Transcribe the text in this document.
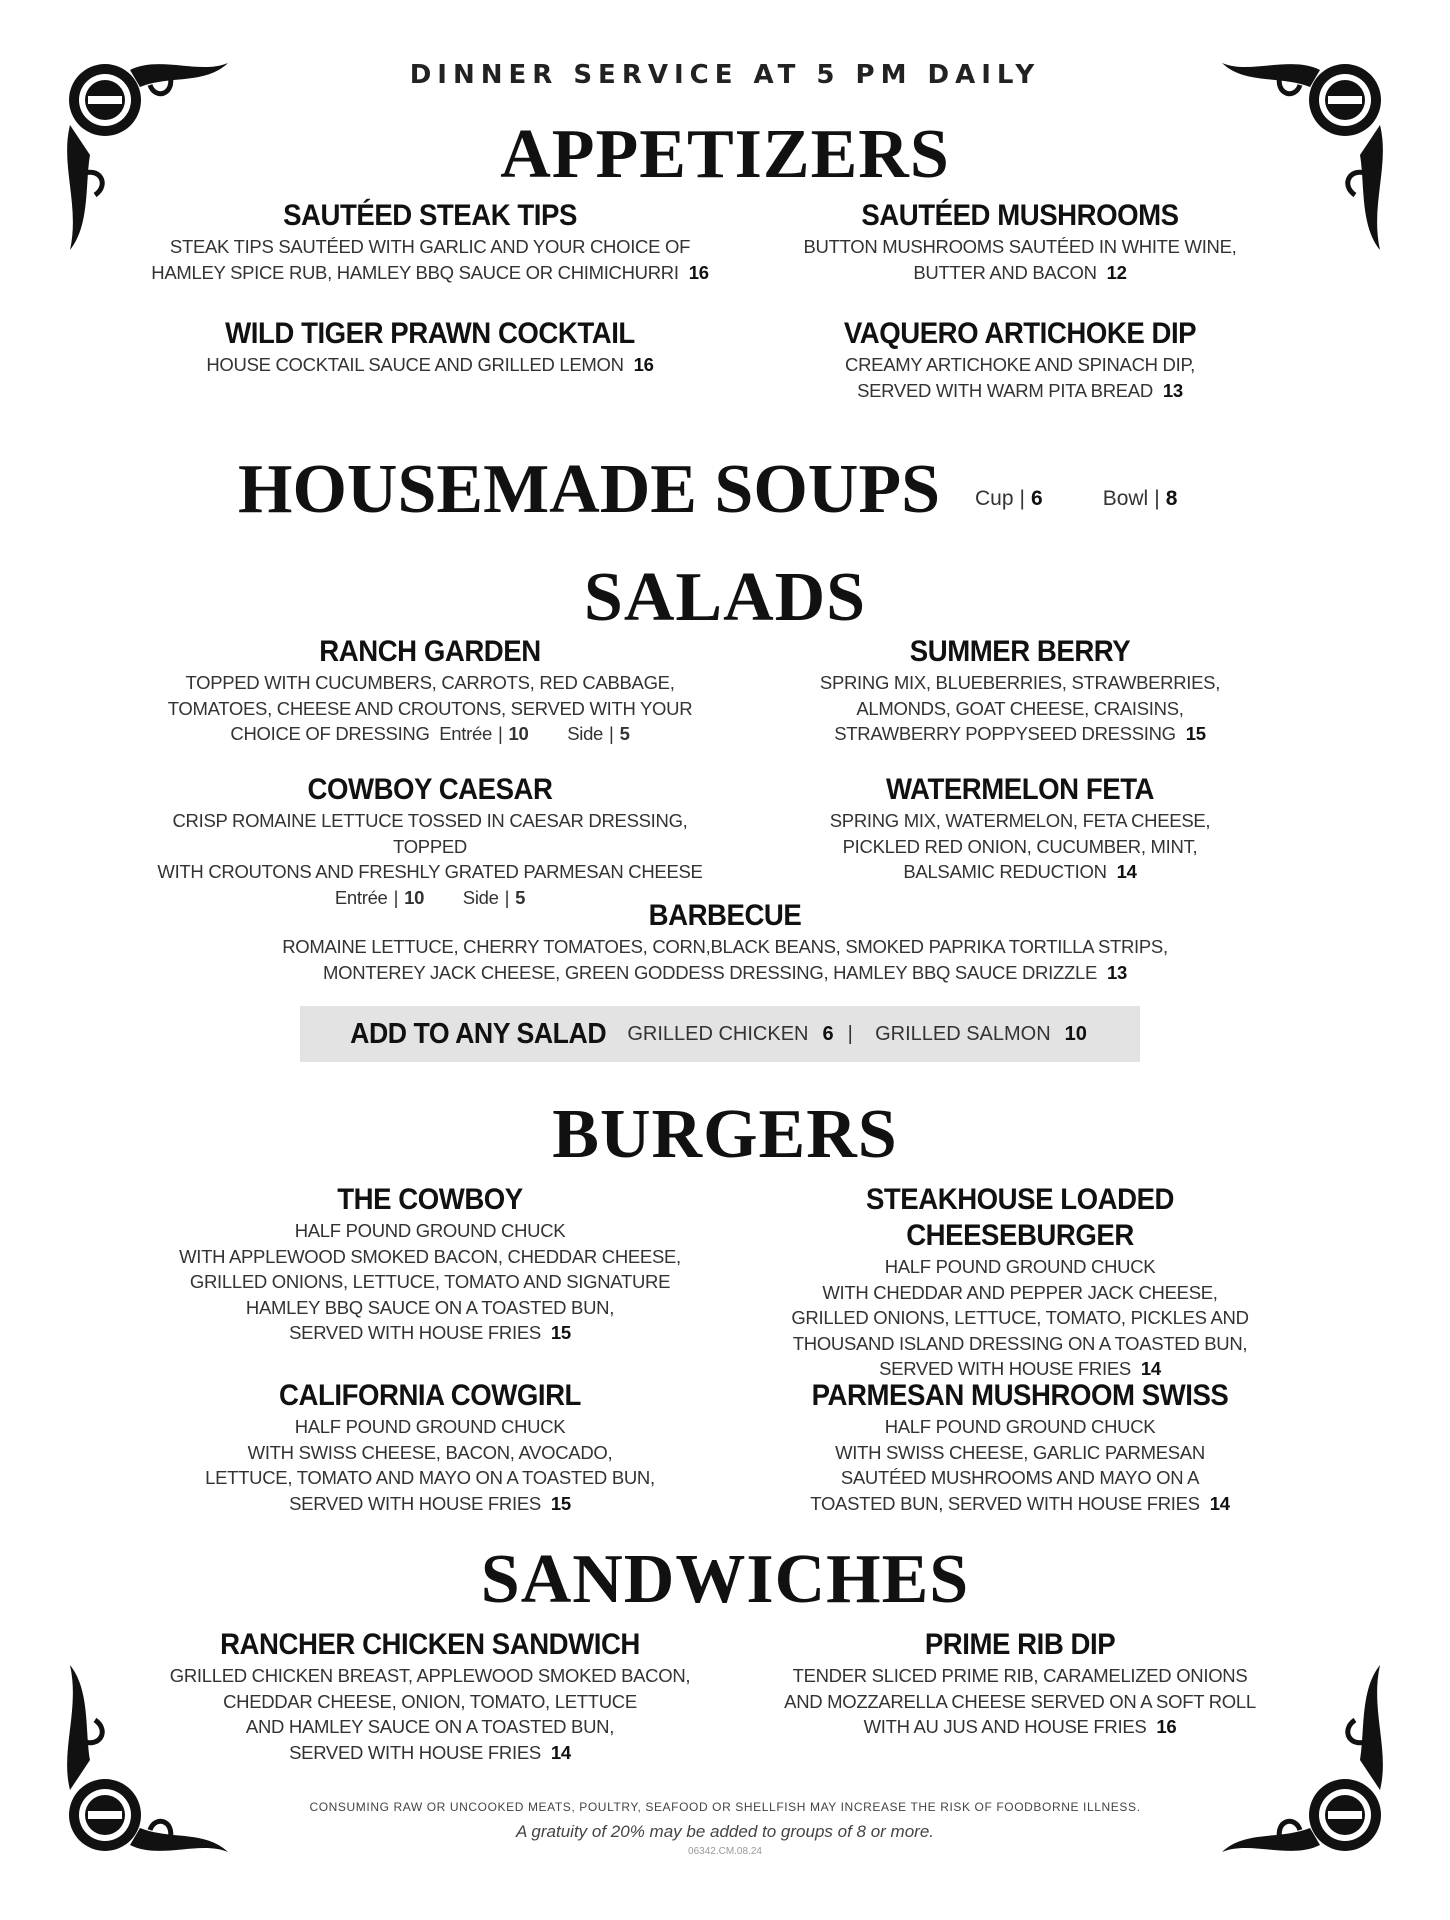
DINNER SERVICE AT 5 PM DAILY
APPETIZERS
SAUTÉED STEAK TIPS
STEAK TIPS SAUTÉED WITH GARLIC AND YOUR CHOICE OF
HAMLEY SPICE RUB, HAMLEY BBQ SAUCE OR CHIMICHURRI 16
SAUTÉED MUSHROOMS
BUTTON MUSHROOMS SAUTÉED IN WHITE WINE,
BUTTER AND BACON 12
WILD TIGER PRAWN COCKTAIL
HOUSE COCKTAIL SAUCE AND GRILLED LEMON 16
VAQUERO ARTICHOKE DIP
CREAMY ARTICHOKE AND SPINACH DIP,
SERVED WITH WARM PITA BREAD 13
HOUSEMADE SOUPS Cup | 6	Bowl | 8
SALADS
RANCH GARDEN
TOPPED WITH CUCUMBERS, CARROTS, RED CABBAGE,
TOMATOES, CHEESE AND CROUTONS, SERVED WITH YOUR
CHOICE OF DRESSING Entrée | 10 Side | 5
SUMMER BERRY
SPRING MIX, BLUEBERRIES, STRAWBERRIES,
ALMONDS, GOAT CHEESE, CRAISINS,
STRAWBERRY POPPYSEED DRESSING 15
COWBOY CAESAR
CRISP ROMAINE LETTUCE TOSSED IN CAESAR DRESSING, TOPPED
WITH CROUTONS AND FRESHLY GRATED PARMESAN CHEESE
Entrée | 10 Side | 5
WATERMELON FETA
SPRING MIX, WATERMELON, FETA CHEESE,
PICKLED RED ONION, CUCUMBER, MINT,
BALSAMIC REDUCTION 14
BARBECUE
ROMAINE LETTUCE, CHERRY TOMATOES, CORN,BLACK BEANS, SMOKED PAPRIKA TORTILLA STRIPS,
MONTEREY JACK CHEESE, GREEN GODDESS DRESSING, HAMLEY BBQ SAUCE DRIZZLE 13
ADD TO ANY SALAD GRILLED CHICKEN 6 | GRILLED SALMON 10
BURGERS
THE COWBOY
HALF POUND GROUND CHUCK
WITH APPLEWOOD SMOKED BACON, CHEDDAR CHEESE,
GRILLED ONIONS, LETTUCE, TOMATO AND SIGNATURE
HAMLEY BBQ SAUCE ON A TOASTED BUN,
SERVED WITH HOUSE FRIES 15
STEAKHOUSE LOADED CHEESEBURGER
HALF POUND GROUND CHUCK
WITH CHEDDAR AND PEPPER JACK CHEESE,
GRILLED ONIONS, LETTUCE, TOMATO, PICKLES AND
THOUSAND ISLAND DRESSING ON A TOASTED BUN,
SERVED WITH HOUSE FRIES 14
CALIFORNIA COWGIRL
HALF POUND GROUND CHUCK
WITH SWISS CHEESE, BACON, AVOCADO,
LETTUCE, TOMATO AND MAYO ON A TOASTED BUN,
SERVED WITH HOUSE FRIES 15
PARMESAN MUSHROOM SWISS
HALF POUND GROUND CHUCK
WITH SWISS CHEESE, GARLIC PARMESAN
SAUTÉED MUSHROOMS AND MAYO ON A
TOASTED BUN, SERVED WITH HOUSE FRIES 14
SANDWICHES
RANCHER CHICKEN SANDWICH
GRILLED CHICKEN BREAST, APPLEWOOD SMOKED BACON,
CHEDDAR CHEESE, ONION, TOMATO, LETTUCE
AND HAMLEY SAUCE ON A TOASTED BUN,
SERVED WITH HOUSE FRIES 14
PRIME RIB DIP
TENDER SLICED PRIME RIB, CARAMELIZED ONIONS
AND MOZZARELLA CHEESE SERVED ON A SOFT ROLL
WITH AU JUS AND HOUSE FRIES 16
CONSUMING RAW OR UNCOOKED MEATS, POULTRY, SEAFOOD OR SHELLFISH MAY INCREASE THE RISK OF FOODBORNE ILLNESS.
A gratuity of 20% may be added to groups of 8 or more.
06342.CM.08.24
